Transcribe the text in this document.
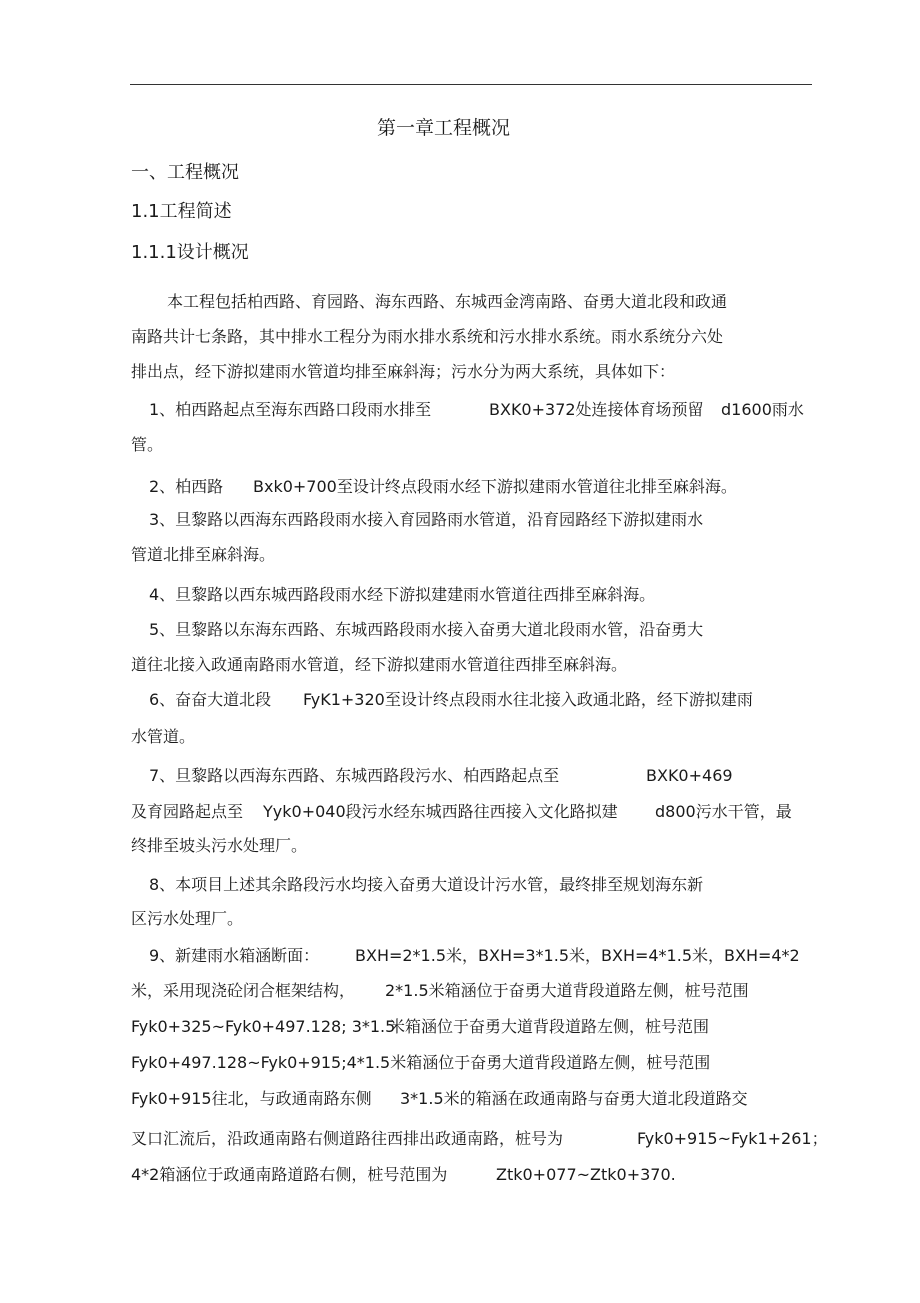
第一章工程概况
一、工程概况
1.1工程简述
1.1.1设计概况
本工程包括柏西路、育园路、海东西路、东城西金湾南路、奋勇大道北段和政通
南路共计七条路，其中排水工程分为雨水排水系统和污水排水系统。雨水系统分六处
排出点，经下游拟建雨水管道均排至麻斜海；污水分为两大系统，具体如下：
1、柏西路起点至海东西路口段雨水排至	BXK0+372处连接体育场预留 d1600雨水
管。
2、柏西路 Bxk0+700至设计终点段雨水经下游拟建雨水管道往北排至麻斜海。
3、旦黎路以西海东西路段雨水接入育园路雨水管道，沿育园路经下游拟建雨水
管道北排至麻斜海。
4、旦黎路以西东城西路段雨水经下游拟建建雨水管道往西排至麻斜海。
5、旦黎路以东海东西路、东城西路段雨水接入奋勇大道北段雨水管，沿奋勇大
道往北接入政通南路雨水管道，经下游拟建雨水管道往西排至麻斜海。
6、奋奋大道北段 FyK1+320至设计终点段雨水往北接入政通北路，经下游拟建雨
水管道。
7、旦黎路以西海东西路、东城西路段污水、柏西路起点至	BXK0+469
及育园路起点至 Yyk0+040段污水经东城西路往西接入文化路拟建 d800污水干管，最
终排至坡头污水处理厂。
8、本项目上述其余路段污水均接入奋勇大道设计污水管，最终排至规划海东新
区污水处理厂。
9、新建雨水箱涵断面： BXH=2*1.5米，BXH=3*1.5米，BXH=4*1.5米，BXH=4*2
米，采用现浇砼闭合框架结构， 2*1.5米箱涵位于奋勇大道背段道路左侧，桩号范围
Fyk0+325~Fyk0+497.128; 3*1.5
米箱涵位于奋勇大道背段道路左侧，桩号范围
Fyk0+497.128~Fyk0+915;4*1.5米箱涵位于奋勇大道背段道路左侧，桩号范围
Fyk0+915往北，与政通南路东侧 3*1.5米的箱涵在政通南路与奋勇大道北段道路交
叉口汇流后，沿政通南路右侧道路往西排出政通南路，桩号为	Fyk0+915~Fyk1+261；
4*2箱涵位于政通南路道路右侧，桩号范围为	Ztk0+077~Ztk0+370.
